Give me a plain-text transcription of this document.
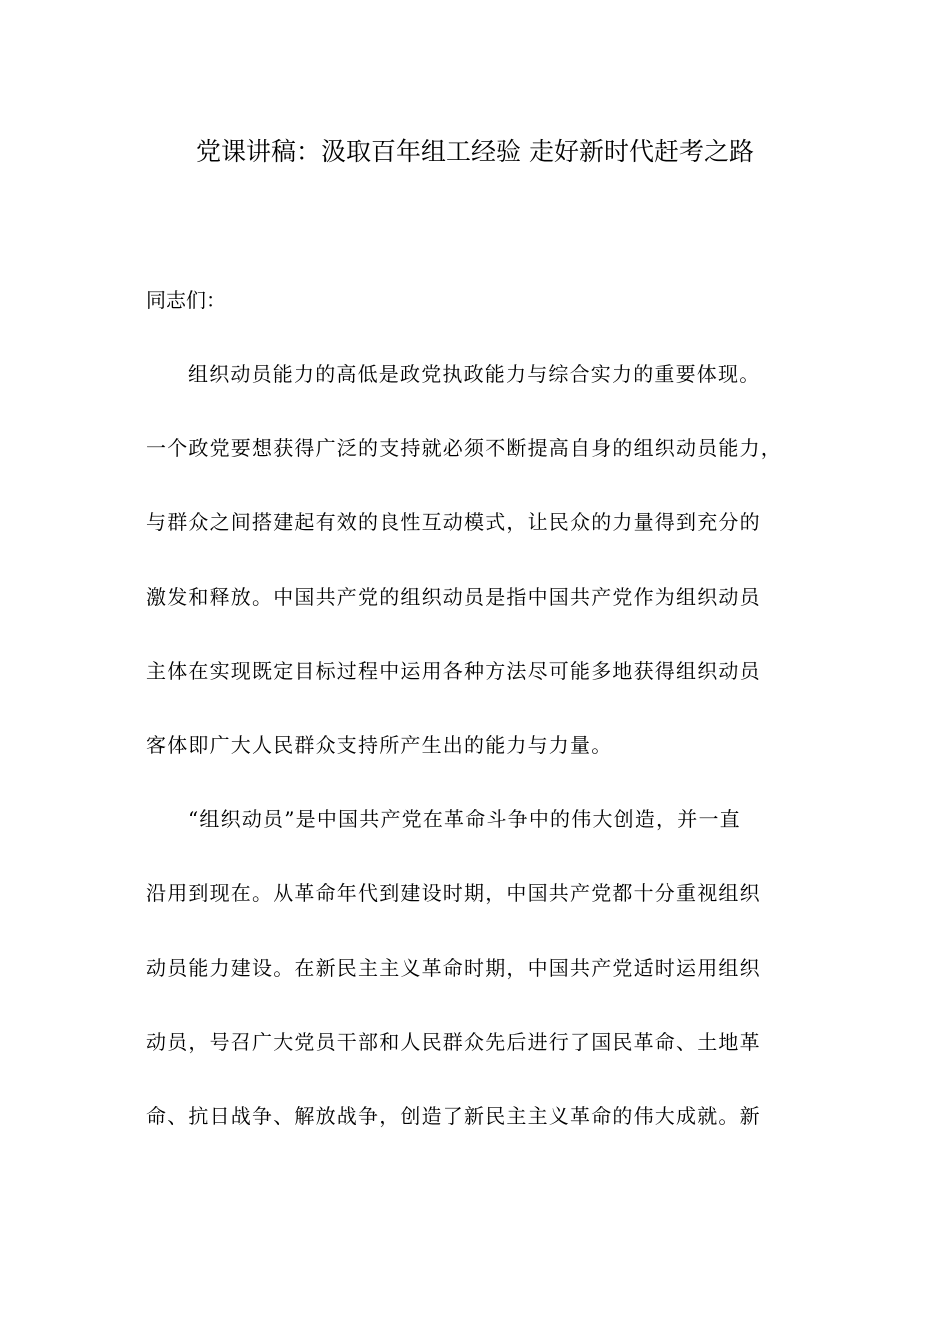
党课讲稿：汲取百年组工经验 走好新时代赶考之路

同志们：

组织动员能力的高低是政党执政能力与综合实力的重要体现。
一个政党要想获得广泛的支持就必须不断提高自身的组织动员能力，
与群众之间搭建起有效的良性互动模式，让民众的力量得到充分的
激发和释放。中国共产党的组织动员是指中国共产党作为组织动员
主体在实现既定目标过程中运用各种方法尽可能多地获得组织动员
客体即广大人民群众支持所产生出的能力与力量。
“组织动员”是中国共产党在革命斗争中的伟大创造，并一直
沿用到现在。从革命年代到建设时期，中国共产党都十分重视组织
动员能力建设。在新民主主义革命时期，中国共产党适时运用组织
动员，号召广大党员干部和人民群众先后进行了国民革命、土地革
命、抗日战争、解放战争，创造了新民主主义革命的伟大成就。新
